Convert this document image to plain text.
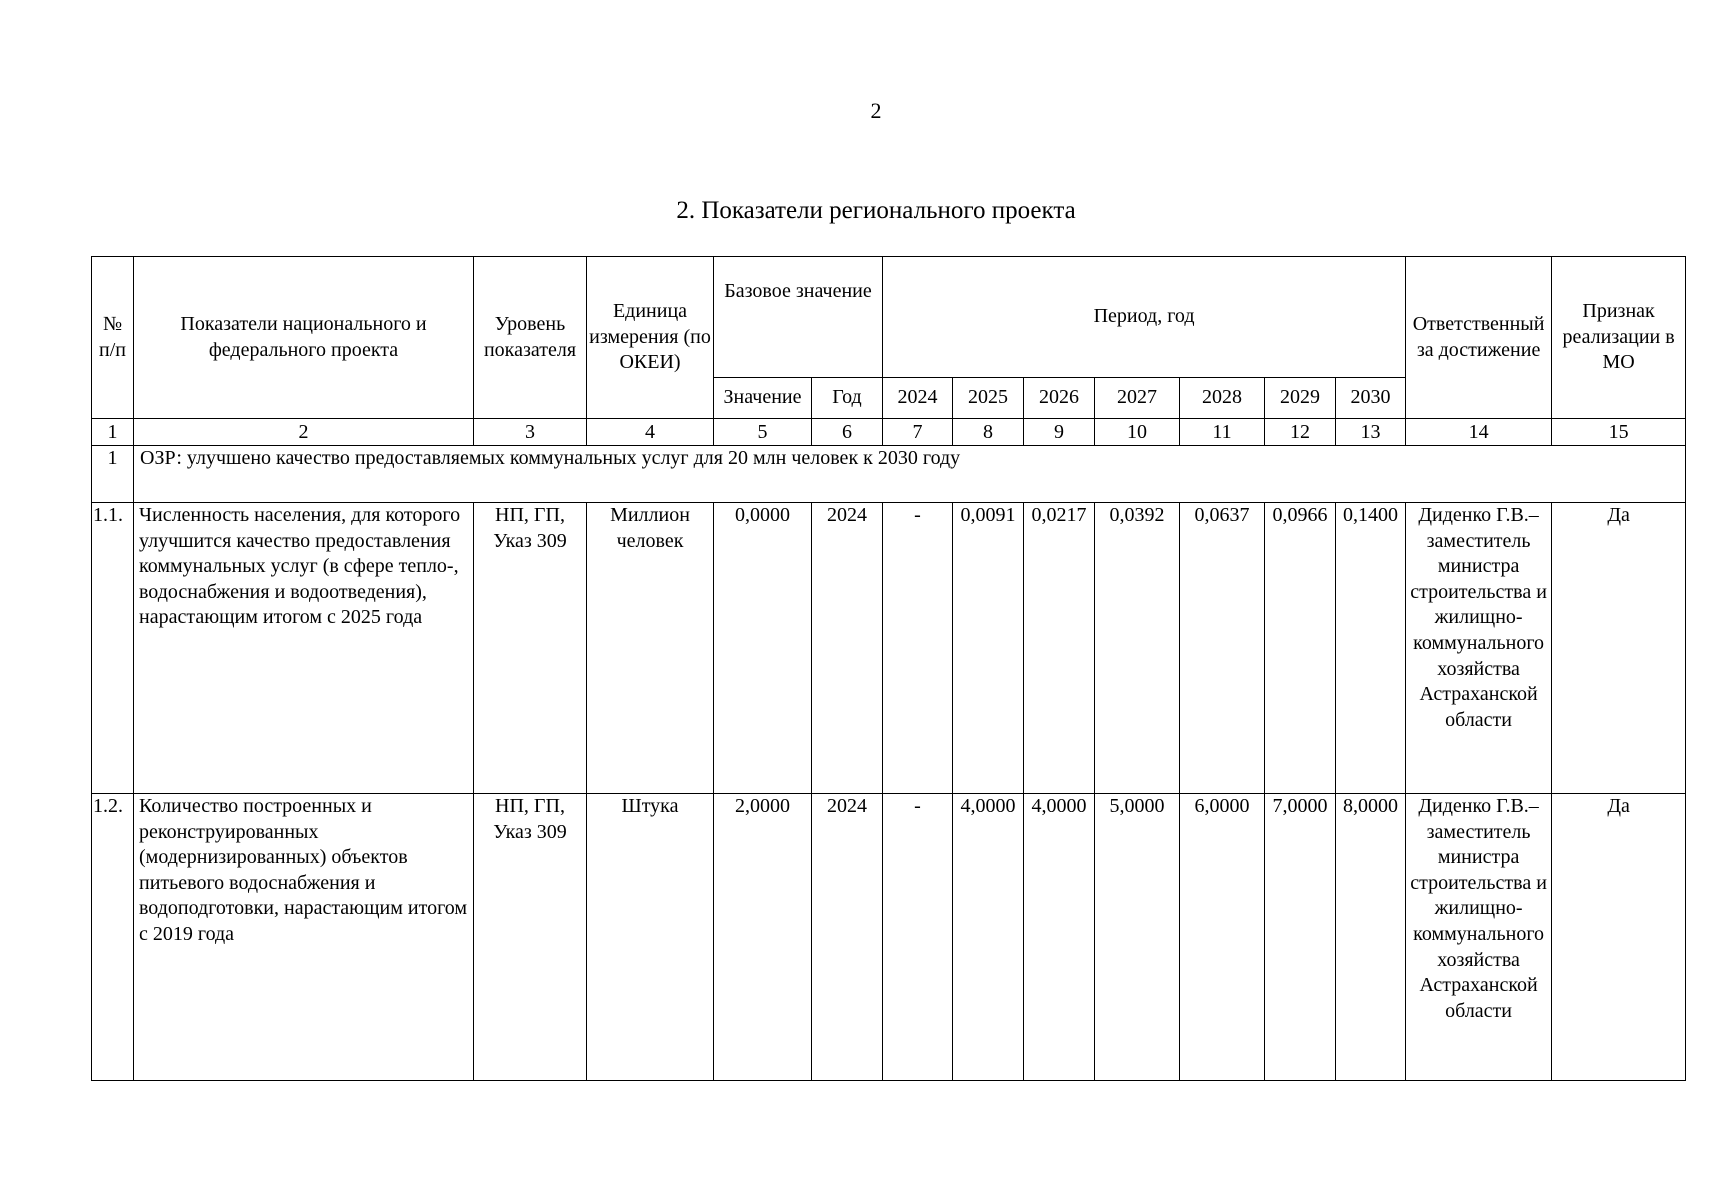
2
2. Показатели регионального проекта
№ п/п	Показатели национального и федерального проекта	Уровень показателя	Единица измерения (по ОКЕИ)	Базовое значение		Период, год							Ответственный за достижение	Признак реализации в МО
				Значение	Год	2024	2025	2026	2027	2028	2029	2030		
1	2	3	4	5	6	7	8	9	10	11	12	13	14	15
1	ОЗР: улучшено качество предоставляемых коммунальных услуг для 20 млн человек к 2030 году													
1.1.	Численность населения, для которого улучшится качество предоставления коммунальных услуг (в сфере тепло-, водоснабжения и водоотведения), нарастающим итогом с 2025 года	НП, ГП, Указ 309	Миллион человек	0,0000	2024	-	0,0091	0,0217	0,0392	0,0637	0,0966	0,1400	Диденко Г.В.– заместитель министра строительства и жилищно-коммунального хозяйства Астраханской области	Да
1.2.	Количество построенных и реконструированных (модернизированных) объектов питьевого водоснабжения и водоподготовки, нарастающим итогом с 2019 года	НП, ГП, Указ 309	Штука	2,0000	2024	-	4,0000	4,0000	5,0000	6,0000	7,0000	8,0000	Диденко Г.В.– заместитель министра строительства и жилищно-коммунального хозяйства Астраханской области	Да
